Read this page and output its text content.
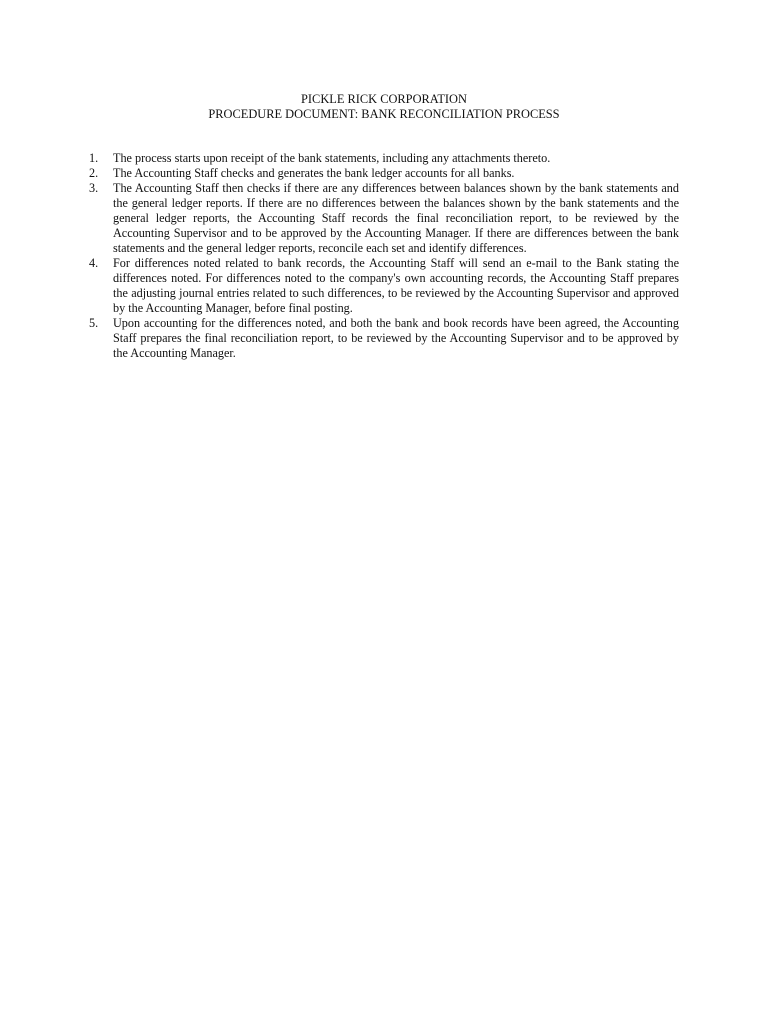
PICKLE RICK CORPORATION
PROCEDURE DOCUMENT: BANK RECONCILIATION PROCESS
1.	The process starts upon receipt of the bank statements, including any attachments thereto.
2.	The Accounting Staff checks and generates the bank ledger accounts for all banks.
3.	The Accounting Staff then checks if there are any differences between balances shown by the bank statements and the general ledger reports. If there are no differences between the balances shown by the bank statements and the general ledger reports, the Accounting Staff records the final reconciliation report, to be reviewed by the Accounting Supervisor and to be approved by the Accounting Manager. If there are differences between the bank statements and the general ledger reports, reconcile each set and identify differences.
4.	For differences noted related to bank records, the Accounting Staff will send an e-mail to the Bank stating the differences noted. For differences noted to the company's own accounting records, the Accounting Staff prepares the adjusting journal entries related to such differences, to be reviewed by the Accounting Supervisor and approved by the Accounting Manager, before final posting.
5.	Upon accounting for the differences noted, and both the bank and book records have been agreed, the Accounting Staff prepares the final reconciliation report, to be reviewed by the Accounting Supervisor and to be approved by the Accounting Manager.
